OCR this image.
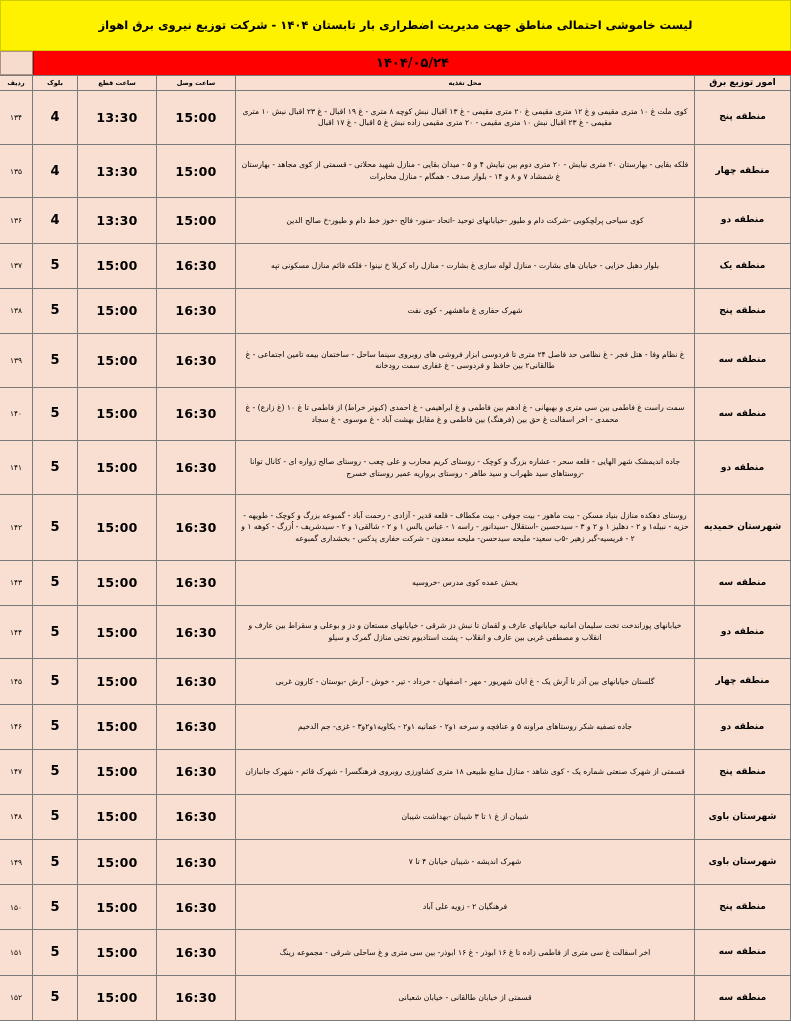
لیست خاموشی احتمالی مناطق جهت مدیریت اضطراری بار تابستان ۱۴۰۴ - شرکت توزیع نیروی برق اهواز
۱۴۰۴/۰۵/۲۴
امور توزیع برق	محل تغذیه	ساعت وصل	ساعت قطع	بلوک	ردیف
منطقه پنج	کوی ملت غ ۱۰ متری مقیمی و غ ۱۲ متری مقیمی غ ۲۰ متری مقیمی - غ ۱۳ اقبال نبش کوچه ۸ متری - غ ۱۹ اقبال - غ ۲۳ اقبال نبش ۱۰ متری مقیمی - غ ۲۳ اقبال نبش ۱۰ متری مقیمی - ۲۰ متری مقیمی زاده نبش غ ۵ اقبال - غ ۱۷ اقبال	15:00	13:30	4	۱۳۴
منطقه چهار	فلکه بقایی - بهارستان ۲۰ متری نیایش - ۲۰ متری دوم بین نیایش ۴ و ۵ - میدان بقایی - منازل شهید محلاتی - قسمتی از کوی مجاهد - بهارستان غ شمشاد ۷ و ۸ و ۱۴ - بلوار صدف - همگام - منازل مخابرات	15:00	13:30	4	۱۳۵
منطقه دو	کوی سیاحی پرلچکوبی -شرکت دام و طیور -خیابانهای توحید -اتحاد -منور- فالح -خوز خط دام و طیور-خ صالح الدین	15:00	13:30	4	۱۳۶
منطقه یک	بلوار دهبل خزایی - خیابان های بشارت - منازل لوله سازی غ بشارت - منازل راه کربلا خ نینوا - فلکه قائم منازل مسکونی تپه	16:30	15:00	5	۱۳۷
منطقه پنج	شهرک حفاری غ ماهشهر - کوی نفت	16:30	15:00	5	۱۳۸
منطقه سه	غ نظام وفا - هتل فجر - غ نظامی حد فاصل ۲۴ متری تا فردوسی ابزار فروشی های روبروی سینما ساحل - ساختمان بیمه تامین اجتماعی - غ طالقانی۲ بین حافظ و فردوسی - غ غفاری سمت رودخانه	16:30	15:00	5	۱۳۹
منطقه سه	سمت راست غ فاطمی بین سی متری و بهبهانی - غ ادهم بین فاطمی و غ ابراهیمی - غ احمدی (کبوتر خراط) از فاطمی تا غ ۱۰ (غ زارع) - غ محمدی - اخر اسفالت غ حق بین (فرهنگ) بین فاطمی و غ مقابل بهشت آباد - غ موسوی - غ سجاد	16:30	15:00	5	۱۴۰
منطقه دو	جاده اندیمشک شهر الهایی - قلعه سحر - عشاره بزرگ و کوچک - روستای کریم محارب و علی چعب - روستای صالح زواره ای - کانال توانا -روستاهای سید ظهراب و سید طاهر - روستای برواریه عمیر روستای خسرج	16:30	15:00	5	۱۴۱
شهرستان حمیدیه	روستای دهکده منازل بنیاد مسکن - بیت ماهور - بیت جوفی - بیت مکطاف - قلعه قدیر - آزادی - رحمت آباد - گمبوعه بزرگ و کوچک - طویهه - حزیه - نبیله۱ و ۲ - دهلیز ۱ و ۲ و ۳ - سیدحسین -استقلال -سیدانور - راسه ۱ - عباس یالس ۱ و ۲ - شالقی۱ و ۲ - سیدشریف - اُزرگ - کوهه ۱ و ۲ - فریسیه-گبر زهیر -۵ب سعید- ملیحه سیدحسن- ملیحه سعدون - شرکت حفاری پدکس - بخشداری گمبوعه	16:30	15:00	5	۱۴۲
منطقه سه	بخش عمده کوی مدرس -خروسیه	16:30	15:00	5	۱۴۳
منطقه دو	خیابانهای پوراندخت تخت سلیمان امانیه خیابانهای عارف و لقمان تا نبش دز شرقی - خیابانهای مستعان و دز و بوعلی و سقراط بین عارف و انقلاب و مصطفی غربی بین عارف و انقلاب - پشت استادیوم تختی منازل گمرک و سیلو	16:30	15:00	5	۱۴۴
منطقه چهار	گلستان خیابانهای بین آذر تا آرش یک - غ ابان شهریور - مهر - اصفهان - خرداد - تیر - خوش - آرش -بوستان - کارون غربی	16:30	15:00	5	۱۴۵
منطقه دو	جاده تصفیه شکر روستاهای مراونه ۵ و عنافچه و سرخه ۱و۲ - عمانیه ۱و۲ - یکاویه۱و۲و۳ - غزی- جم الدخیم	16:30	15:00	5	۱۴۶
منطقه پنج	قسمتی از شهرک صنعتی شماره یک - کوی شاهد - منازل منابع طبیعی ۱۸ متری کشاورزی روبروی فرهنگسرا - شهرک قائم - شهرک جانبازان	16:30	15:00	5	۱۴۷
شهرستان باوی	شیبان از غ ۱ تا ۳ شیبان -بهداشت شیبان	16:30	15:00	5	۱۴۸
شهرستان باوی	شهرک اندیشه - شیبان خیابان ۴ تا ۷	16:30	15:00	5	۱۴۹
منطقه پنج	فرهنگیان ۲ - زویه علی آباد	16:30	15:00	5	۱۵۰
منطقه سه	اخر اسفالت غ سی متری از فاطمی زاده تا غ ۱۶ ابوذر - غ ۱۶ ابوذر- بین سی متری و غ ساحلی شرقی - مجموعه رینگ	16:30	15:00	5	۱۵۱
منطقه سه	قسمتی از خیابان طالقانی - خیابان شعبانی	16:30	15:00	5	۱۵۲
